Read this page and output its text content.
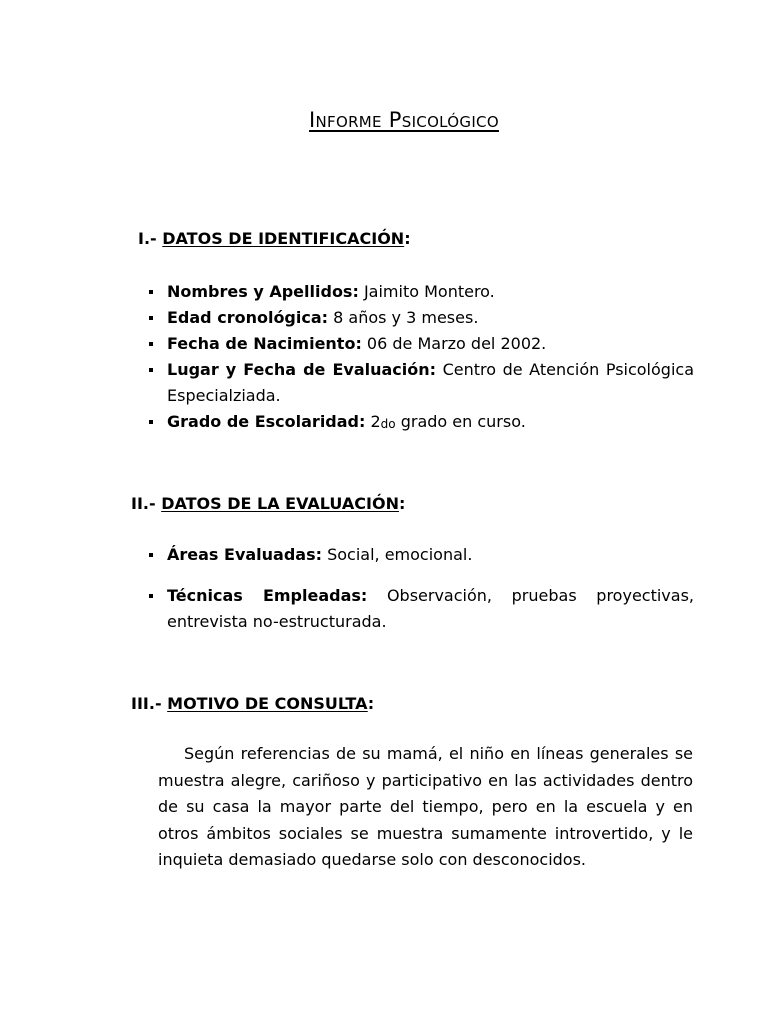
Informe Psicológico
I.- DATOS DE IDENTIFICACIÓN:
Nombres y Apellidos: Jaimito Montero.
Edad cronológica: 8 años y 3 meses.
Fecha de Nacimiento: 06 de Marzo del 2002.
Lugar y Fecha de Evaluación: Centro de Atención Psicológica Especialziada.
Grado de Escolaridad: $2_{do}$ grado en curso.
II.- DATOS DE LA EVALUACIÓN:
Áreas Evaluadas: Social, emocional.
Técnicas Empleadas: Observación, pruebas proyectivas, entrevista no-estructurada.
III.- MOTIVO DE CONSULTA:

Según referencias de su mamá, el niño en líneas generales se muestra alegre, cariñoso y participativo en las actividades dentro de su casa la mayor parte del tiempo, pero en la escuela y en otros ámbitos sociales se muestra sumamente introvertido, y le inquieta demasiado quedarse solo con desconocidos.
